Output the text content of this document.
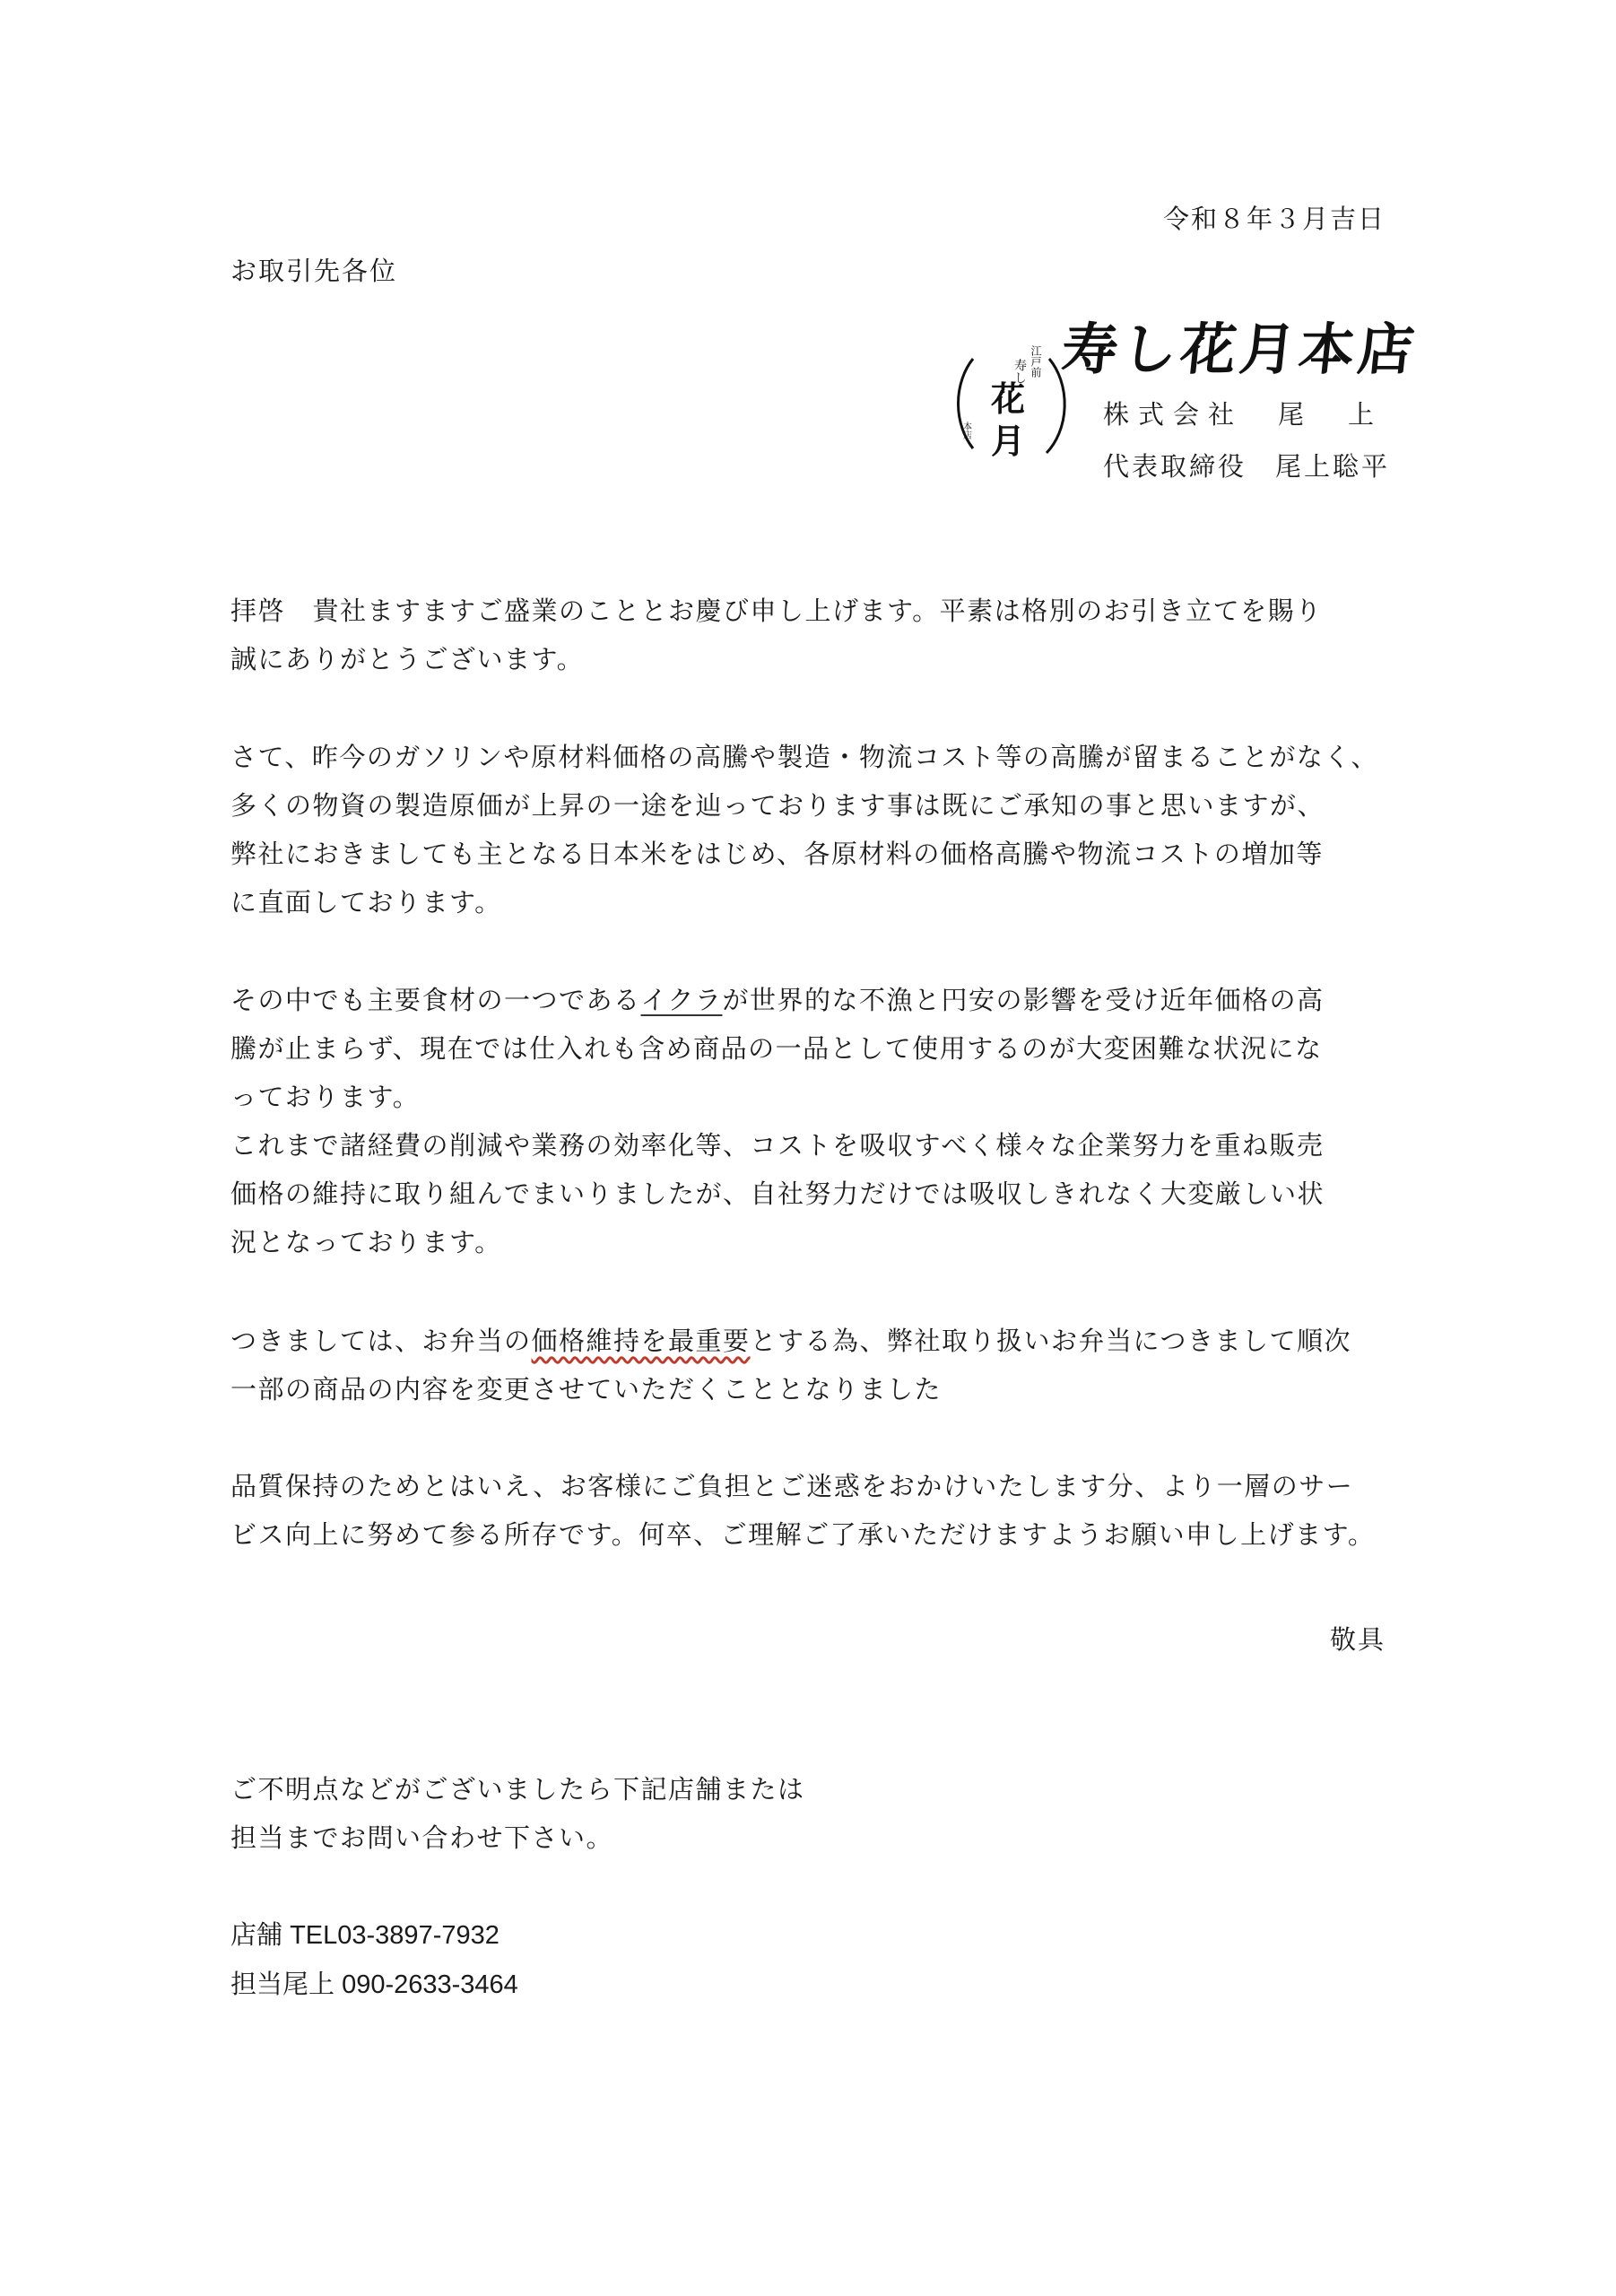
令和８年３月吉日
お取引先各位
江戸前
寿し
花
月
本店
寿し花月本店
株式会社　尾　上
代表取締役　尾上聡平
拝啓　貴社ますますご盛業のこととお慶び申し上げます。平素は格別のお引き立てを賜り
誠にありがとうございます。
さて、昨今のガソリンや原材料価格の高騰や製造・物流コスト等の高騰が留まることがなく、
多くの物資の製造原価が上昇の一途を辿っております事は既にご承知の事と思いますが、
弊社におきましても主となる日本米をはじめ、各原材料の価格高騰や物流コストの増加等
に直面しております。
その中でも主要食材の一つであるイクラが世界的な不漁と円安の影響を受け近年価格の高
騰が止まらず、現在では仕入れも含め商品の一品として使用するのが大変困難な状況にな
っております。
これまで諸経費の削減や業務の効率化等、コストを吸収すべく様々な企業努力を重ね販売
価格の維持に取り組んでまいりましたが、自社努力だけでは吸収しきれなく大変厳しい状
況となっております。
つきましては、お弁当の価格維持を最重要とする為、弊社取り扱いお弁当につきまして順次
一部の商品の内容を変更させていただくこととなりました
品質保持のためとはいえ、お客様にご負担とご迷惑をおかけいたします分、より一層のサー
ビス向上に努めて参る所存です。何卒、ご理解ご了承いただけますようお願い申し上げます。
敬具
ご不明点などがございましたら下記店舗または
担当までお問い合わせ下さい。
店舗 TEL03-3897-7932
担当尾上 090-2633-3464
